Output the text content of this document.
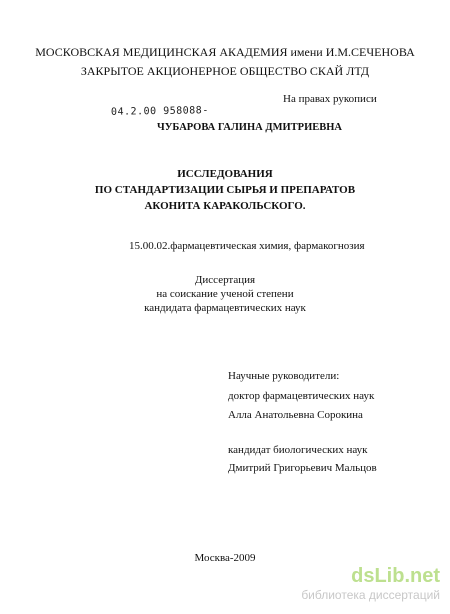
МОСКОВСКАЯ МЕДИЦИНСКАЯ АКАДЕМИЯ имени И.М.СЕЧЕНОВА
ЗАКРЫТОЕ АКЦИОНЕРНОЕ ОБЩЕСТВО СКАЙ ЛТД
На правах рукописи
04.2.00 958088-
ЧУБАРОВА ГАЛИНА ДМИТРИЕВНА
ИССЛЕДОВАНИЯ
ПО СТАНДАРТИЗАЦИИ СЫРЬЯ И ПРЕПАРАТОВ
АКОНИТА КАРАКОЛЬСКОГО.
15.00.02.фармацевтическая химия, фармакогнозия
Диссертация
на соискание ученой степени
кандидата фармацевтических наук
Научные руководители:
доктор фармацевтических наук
Алла Анатольевна Сорокина
кандидат биологических наук
Дмитрий Григорьевич Мальцов
Москва-2009
dsLib.net
библиотека диссертаций
